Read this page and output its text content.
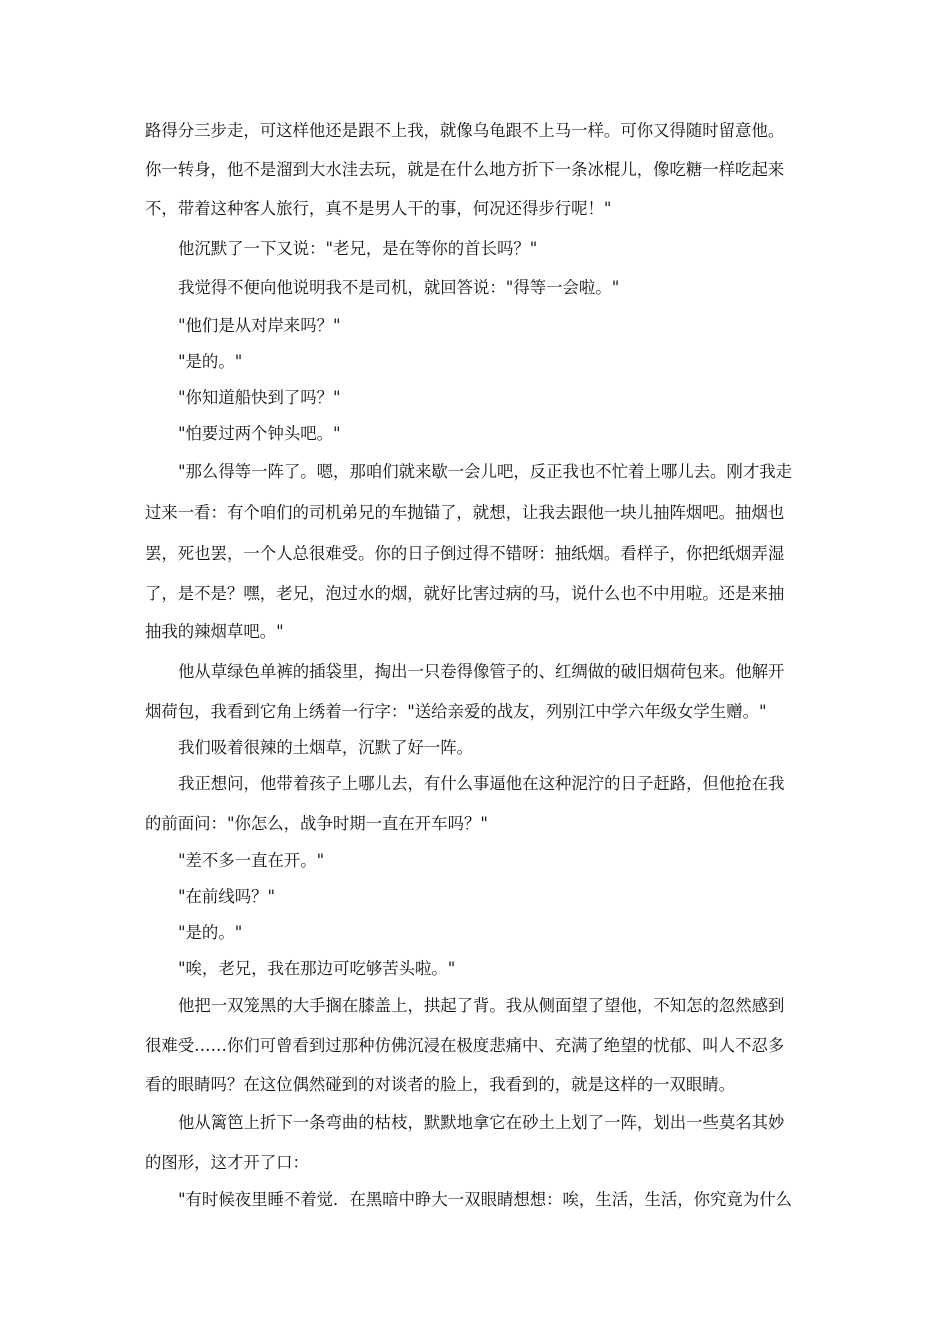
路得分三步走，可这样他还是跟不上我，就像乌龟跟不上马一样。可你又得随时留意他。
你一转身，他不是溜到大水洼去玩，就是在什么地方折下一条冰棍儿，像吃糖一样吃起来
不，带着这种客人旅行，真不是男人干的事，何况还得步行呢！"
他沉默了一下又说："老兄，是在等你的首长吗？"
我觉得不便向他说明我不是司机，就回答说："得等一会啦。"
"他们是从对岸来吗？"
"是的。"
"你知道船快到了吗？"
"怕要过两个钟头吧。"
"那么得等一阵了。嗯，那咱们就来歇一会儿吧，反正我也不忙着上哪儿去。刚才我走
过来一看：有个咱们的司机弟兄的车抛锚了，就想，让我去跟他一块儿抽阵烟吧。抽烟也
罢，死也罢，一个人总很难受。你的日子倒过得不错呀：抽纸烟。看样子，你把纸烟弄湿
了，是不是？嘿，老兄，泡过水的烟，就好比害过病的马，说什么也不中用啦。还是来抽
抽我的辣烟草吧。"
他从草绿色单裤的插袋里，掏出一只卷得像管子的、红绸做的破旧烟荷包来。他解开
烟荷包，我看到它角上绣着一行字："送给亲爱的战友，列别江中学六年级女学生赠。"
我们吸着很辣的土烟草，沉默了好一阵。
我正想问，他带着孩子上哪儿去，有什么事逼他在这种泥泞的日子赶路，但他抢在我
的前面问："你怎么，战争时期一直在开车吗？"
"差不多一直在开。"
"在前线吗？"
"是的。"
"唉，老兄，我在那边可吃够苦头啦。"
他把一双笼黑的大手搁在膝盖上，拱起了背。我从侧面望了望他，不知怎的忽然感到
很难受……你们可曾看到过那种仿佛沉浸在极度悲痛中、充满了绝望的忧郁、叫人不忍多
看的眼睛吗？在这位偶然碰到的对谈者的脸上，我看到的，就是这样的一双眼睛。
他从篱笆上折下一条弯曲的枯枝，默默地拿它在砂土上划了一阵，划出一些莫名其妙
的图形，这才开了口：
"有时候夜里睡不着觉．在黑暗中睁大一双眼睛想想：唉，生活，生活，你究竟为什么
